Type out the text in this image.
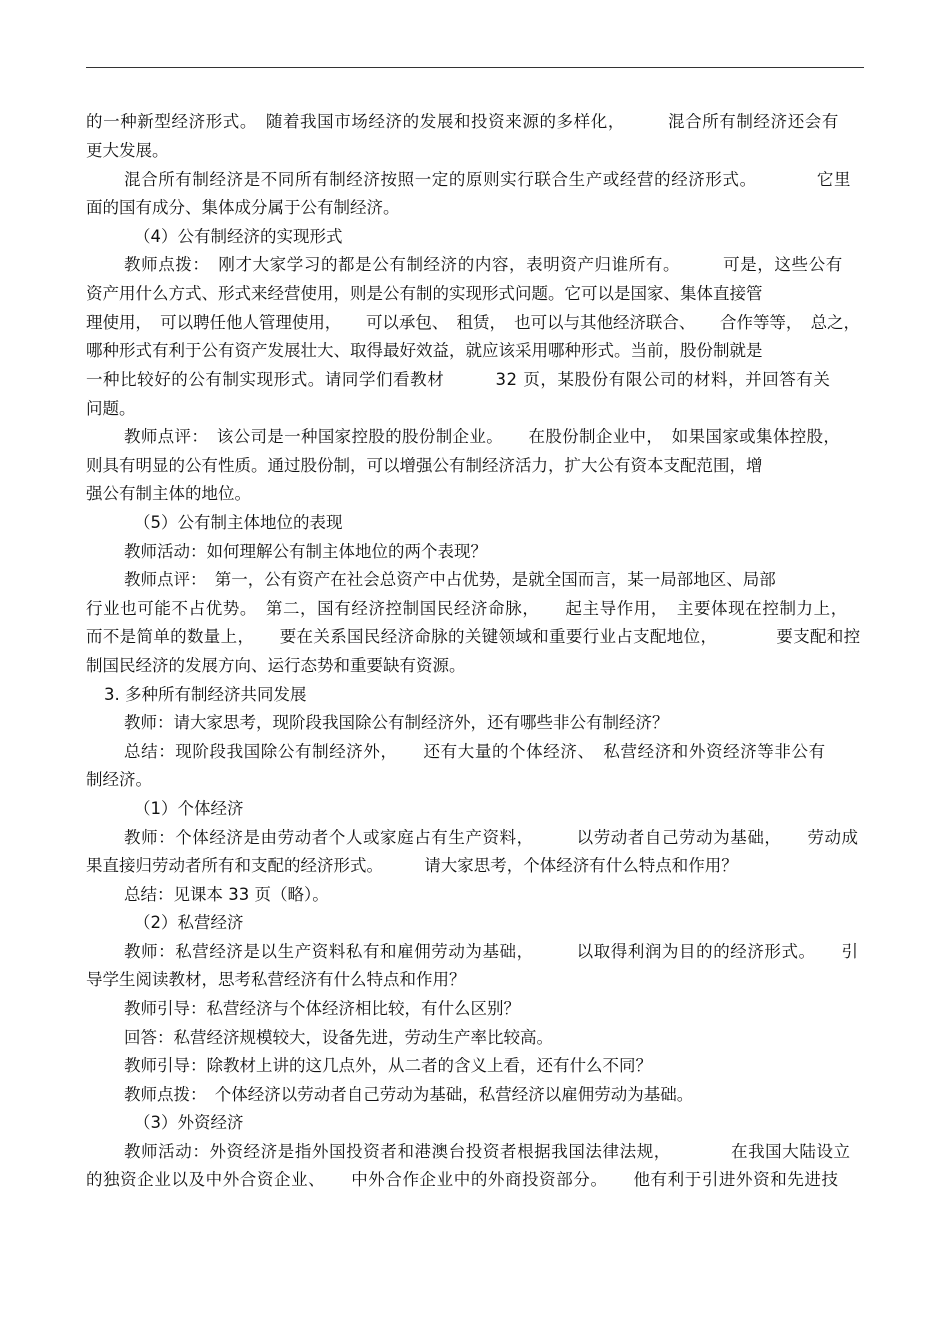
的一种新型经济形式。　随着我国市场经济的发展和投资来源的多样化，　　　混合所有制经济还会有
更大发展。
混合所有制经济是不同所有制经济按照一定的原则实行联合生产或经营的经济形式。　　　　它里
面的国有成分、集体成分属于公有制经济。
（4）公有制经济的实现形式
教师点拨：　刚才大家学习的都是公有制经济的内容，表明资产归谁所有。　　　可是，这些公有
资产用什么方式、形式来经营使用，则是公有制的实现形式问题。它可以是国家、集体直接管
理使用，　可以聘任他人管理使用，　　可以承包、　租赁，　也可以与其他经济联合、　　合作等等，　总之，
哪种形式有利于公有资产发展壮大、取得最好效益，就应该采用哪种形式。当前，股份制就是
一种比较好的公有制实现形式。请同学们看教材　　　32 页，某股份有限公司的材料，并回答有关
问题。
教师点评：　该公司是一种国家控股的股份制企业。　　在股份制企业中，　如果国家或集体控股，
则具有明显的公有性质。通过股份制，可以增强公有制经济活力，扩大公有资本支配范围，增
强公有制主体的地位。
（5）公有制主体地位的表现
教师活动：如何理解公有制主体地位的两个表现？
教师点评：　第一，公有资产在社会总资产中占优势，是就全国而言，某一局部地区、局部
行业也可能不占优势。　第二，国有经济控制国民经济命脉，　　起主导作用，　主要体现在控制力上，
而不是简单的数量上，　　要在关系国民经济命脉的关键领域和重要行业占支配地位，　　　　要支配和控
制国民经济的发展方向、运行态势和重要缺有资源。
3. 多种所有制经济共同发展
教师：请大家思考，现阶段我国除公有制经济外，还有哪些非公有制经济？
总结：现阶段我国除公有制经济外，　　还有大量的个体经济、　私营经济和外资经济等非公有
制经济。
（1）个体经济
教师：个体经济是由劳动者个人或家庭占有生产资料，　　　以劳动者自己劳动为基础，　　劳动成
果直接归劳动者所有和支配的经济形式。　　　请大家思考，个体经济有什么特点和作用？
总结：见课本 33 页（略）。
（2）私营经济
教师：私营经济是以生产资料私有和雇佣劳动为基础，　　　以取得利润为目的的经济形式。　　引
导学生阅读教材，思考私营经济有什么特点和作用？
教师引导：私营经济与个体经济相比较，有什么区别？
回答：私营经济规模较大，设备先进，劳动生产率比较高。
教师引导：除教材上讲的这几点外，从二者的含义上看，还有什么不同？
教师点拨：　个体经济以劳动者自己劳动为基础，私营经济以雇佣劳动为基础。
（3）外资经济
教师活动：外资经济是指外国投资者和港澳台投资者根据我国法律法规，　　　　在我国大陆设立
的独资企业以及中外合资企业、　　中外合作企业中的外商投资部分。　　他有利于引进外资和先进技
